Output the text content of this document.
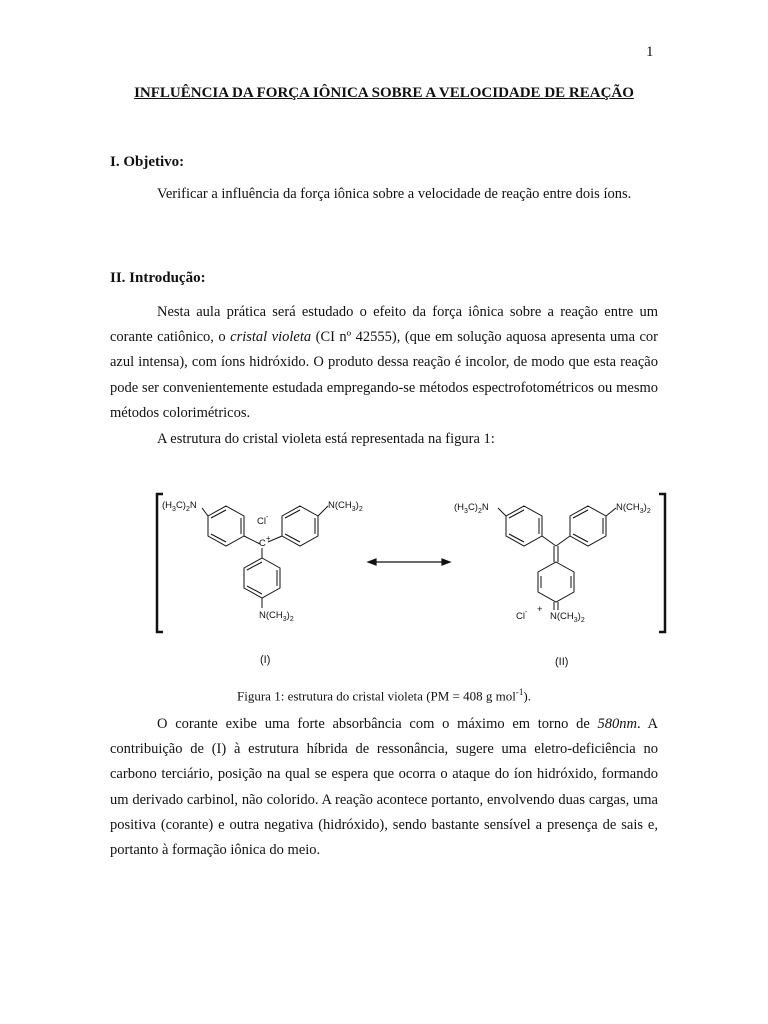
1
INFLUÊNCIA DA FORÇA IÔNICA SOBRE A VELOCIDADE DE REAÇÃO
I. Objetivo:

Verificar a influência da força iônica sobre a velocidade de reação entre dois íons.

II. Introdução:

Nesta aula prática será estudado o efeito da força iônica sobre a reação entre um corante catiônico, o cristal violeta (CI nº 42555), (que em solução aquosa apresenta uma cor azul intensa), com íons hidróxido. O produto dessa reação é incolor, de modo que esta reação pode ser convenientemente estudada empregando-se métodos espectrofotométricos ou mesmo métodos colorimétricos.

A estrutura do cristal violeta está representada na figura 1:

$(H_3C)_2N$	$N(CH_3)_2$
Cl-
C+
$N(CH_3)_2$
(I)
$(H_3C)_2N$	$N(CH_3)_2$
Cl- +
$N(CH_3)_2$
(II)
Figura 1: estrutura do cristal violeta (PM = 408 g mol$^{-1}$).

O corante exibe uma forte absorbância com o máximo em torno de 580nm. A contribuição de (I) à estrutura híbrida de ressonância, sugere uma eletro-deficiência no carbono terciário, posição na qual se espera que ocorra o ataque do íon hidróxido, formando um derivado carbinol, não colorido. A reação acontece portanto, envolvendo duas cargas, uma positiva (corante) e outra negativa (hidróxido), sendo bastante sensível a presença de sais e, portanto à formação iônica do meio.
